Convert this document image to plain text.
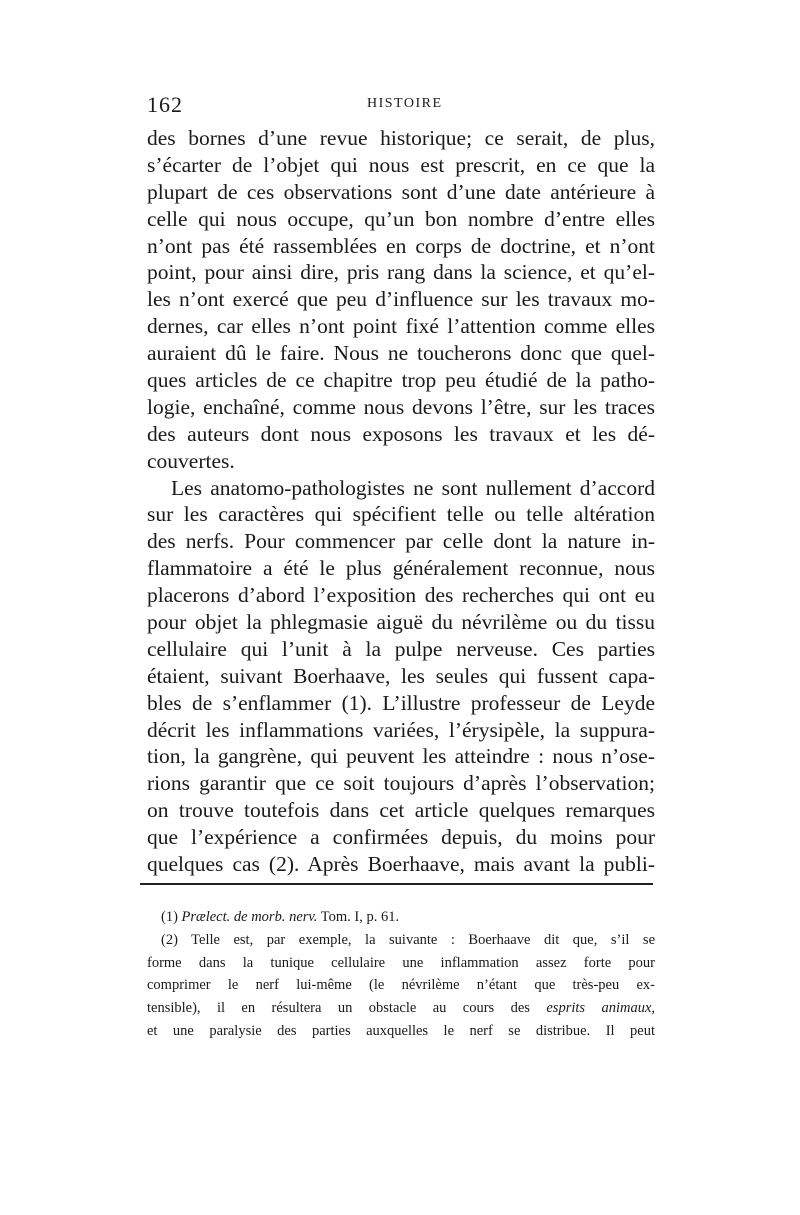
162	HISTOIRE
des bornes d’une revue historique; ce serait, de plus,
s’écarter de l’objet qui nous est prescrit, en ce que la
plupart de ces observations sont d’une date antérieure à
celle qui nous occupe, qu’un bon nombre d’entre elles
n’ont pas été rassemblées en corps de doctrine, et n’ont
point, pour ainsi dire, pris rang dans la science, et qu’el-
les n’ont exercé que peu d’influence sur les travaux mo-
dernes, car elles n’ont point fixé l’attention comme elles
auraient dû le faire. Nous ne toucherons donc que quel-
ques articles de ce chapitre trop peu étudié de la patho-
logie, enchaîné, comme nous devons l’être, sur les traces
des auteurs dont nous exposons les travaux et les dé-
couvertes.
Les anatomo-pathologistes ne sont nullement d’accord
sur les caractères qui spécifient telle ou telle altération
des nerfs. Pour commencer par celle dont la nature in-
flammatoire a été le plus généralement reconnue, nous
placerons d’abord l’exposition des recherches qui ont eu
pour objet la phlegmasie aiguë du névrilème ou du tissu
cellulaire qui l’unit à la pulpe nerveuse. Ces parties
étaient, suivant Boerhaave, les seules qui fussent capa-
bles de s’enflammer (1). L’illustre professeur de Leyde
décrit les inflammations variées, l’érysipèle, la suppura-
tion, la gangrène, qui peuvent les atteindre : nous n’ose-
rions garantir que ce soit toujours d’après l’observation;
on trouve toutefois dans cet article quelques remarques
que l’expérience a confirmées depuis, du moins pour
quelques cas (2). Après Boerhaave, mais avant la publi-
(1) Prælect. de morb. nerv. Tom. I, p. 61.
(2) Telle est, par exemple, la suivante : Boerhaave dit que, s’il se
forme dans la tunique cellulaire une inflammation assez forte pour
comprimer le nerf lui-même (le névrilème n’étant que très-peu ex-
tensible), il en résultera un obstacle au cours des esprits animaux,
et une paralysie des parties auxquelles le nerf se distribue. Il peut
